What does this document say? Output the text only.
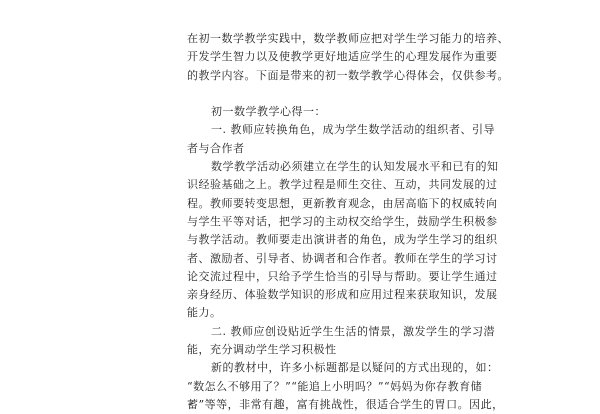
在初一数学教学实践中，数学教师应把对学生学习能力的培养、
开发学生智力以及使教学更好地适应学生的心理发展作为重要
的教学内容。下面是带来的初一数学教学心得体会，仅供参考。
初一数学教学心得一：
一. 教师应转换角色，成为学生数学活动的组织者、引导
者与合作者
数学教学活动必须建立在学生的认知发展水平和已有的知
识经验基础之上。教学过程是师生交往、互动，共同发展的过
程。教师要转变思想，更新教育观念，由居高临下的权威转向
与学生平等对话，把学习的主动权交给学生，鼓励学生积极参
与教学活动。教师要走出演讲者的角色，成为学生学习的组织
者、激励者、引导者、协调者和合作者。教师在学生的学习讨
论交流过程中，只给予学生恰当的引导与帮助。要让学生通过
亲身经历、体验数学知识的形成和应用过程来获取知识，发展
能力。
二. 教师应创设贴近学生生活的情景，激发学生的学习潜
能，充分调动学生学习积极性
新的教材中，许多小标题都是以疑问的方式出现的，如：
“数怎么不够用了？”“能追上小明吗？”“妈妈为你存教育储
蓄”等等，非常有趣，富有挑战性，很适合学生的胃口。因此，
